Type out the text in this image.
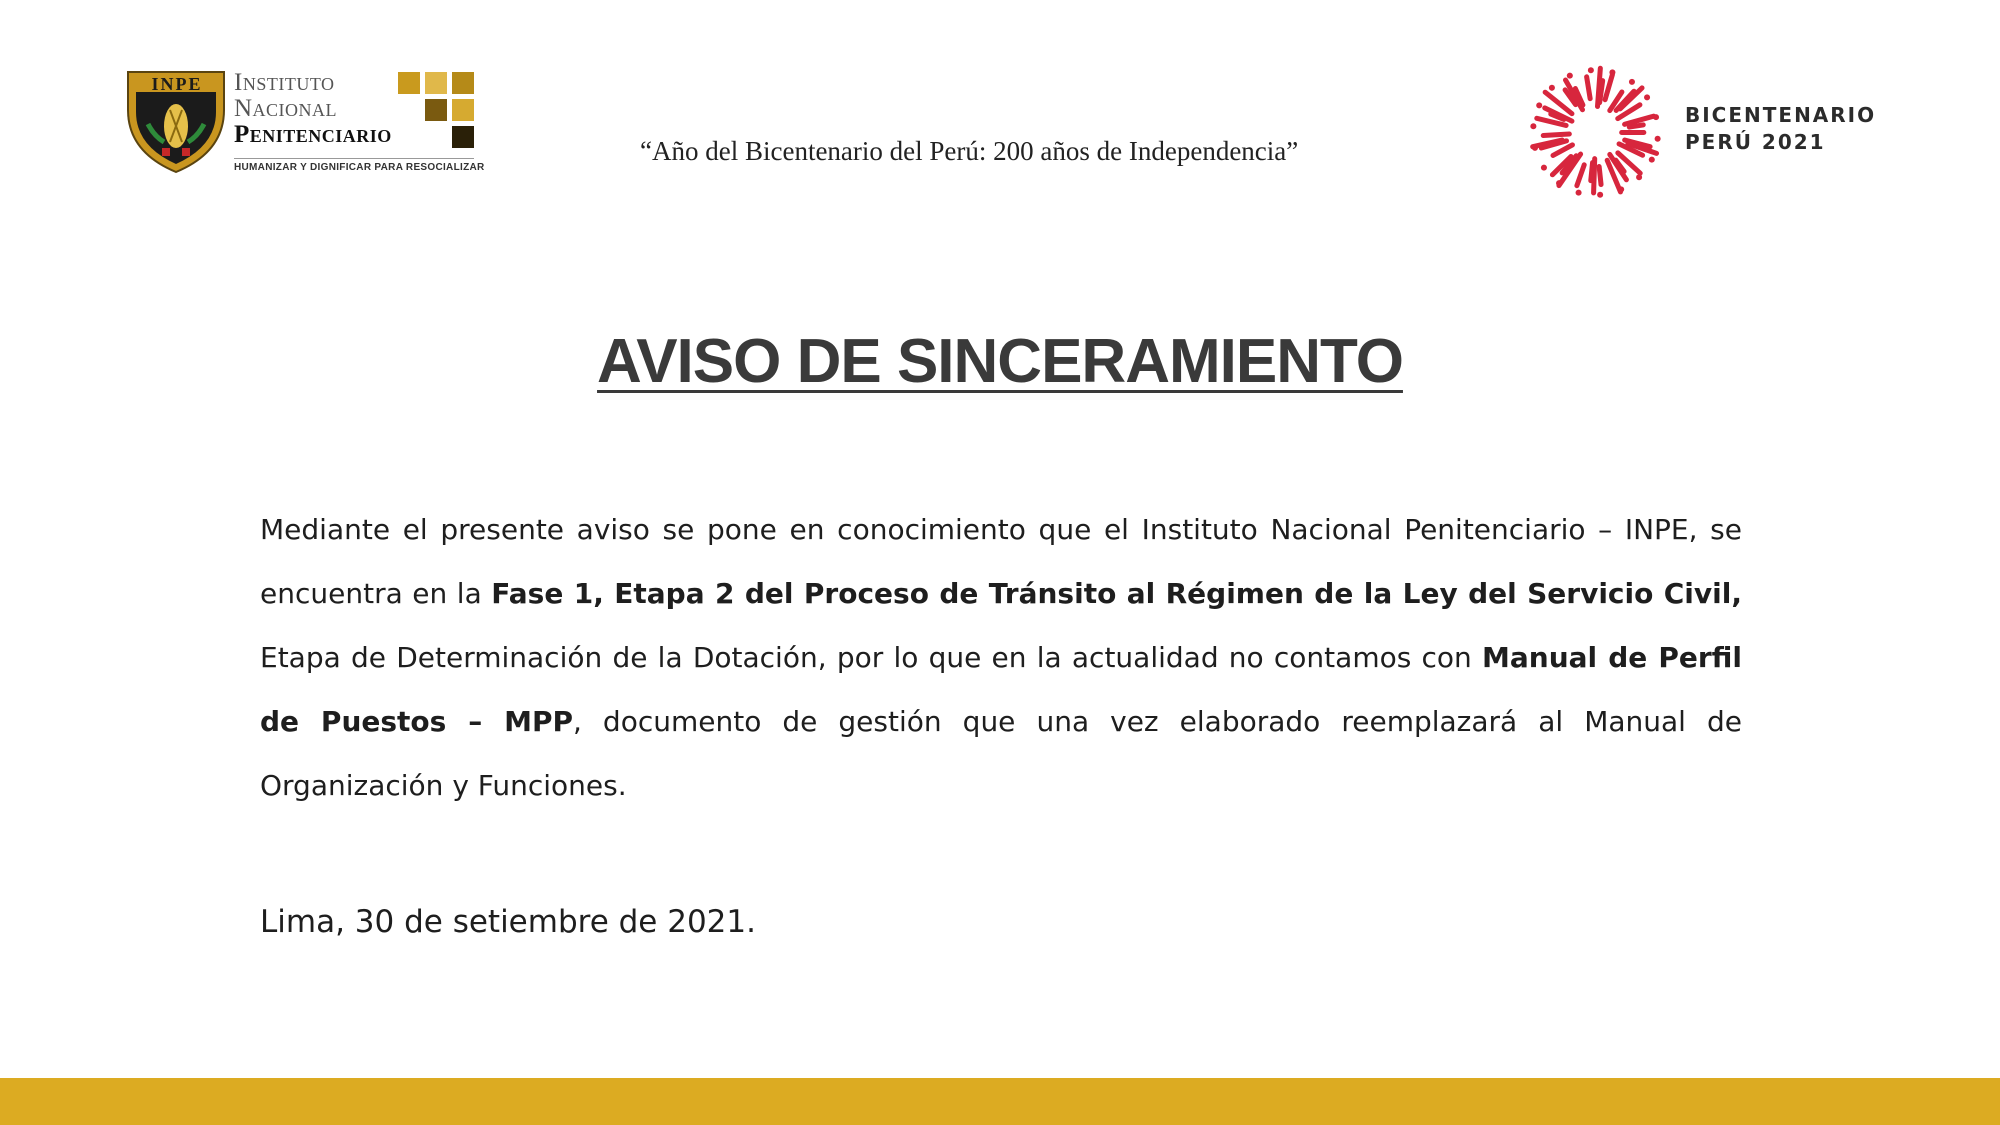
INPE	Instituto
Nacional
Penitenciario
HUMANIZAR Y DIGNIFICAR PARA RESOCIALIZAR
“Año del Bicentenario del Perú: 200 años de Independencia”
BICENTENARIO
PERÚ 2021
AVISO DE SINCERAMIENTO
Mediante el presente aviso se pone en conocimiento que el Instituto Nacional Penitenciario – INPE, se encuentra en la Fase 1, Etapa 2 del Proceso de Tránsito al Régimen de la Ley del Servicio Civil, Etapa de Determinación de la Dotación, por lo que en la actualidad no contamos con Manual de Perfil de Puestos – MPP, documento de gestión que una vez elaborado reemplazará al Manual de Organización y Funciones.
Lima, 30 de setiembre de 2021.
